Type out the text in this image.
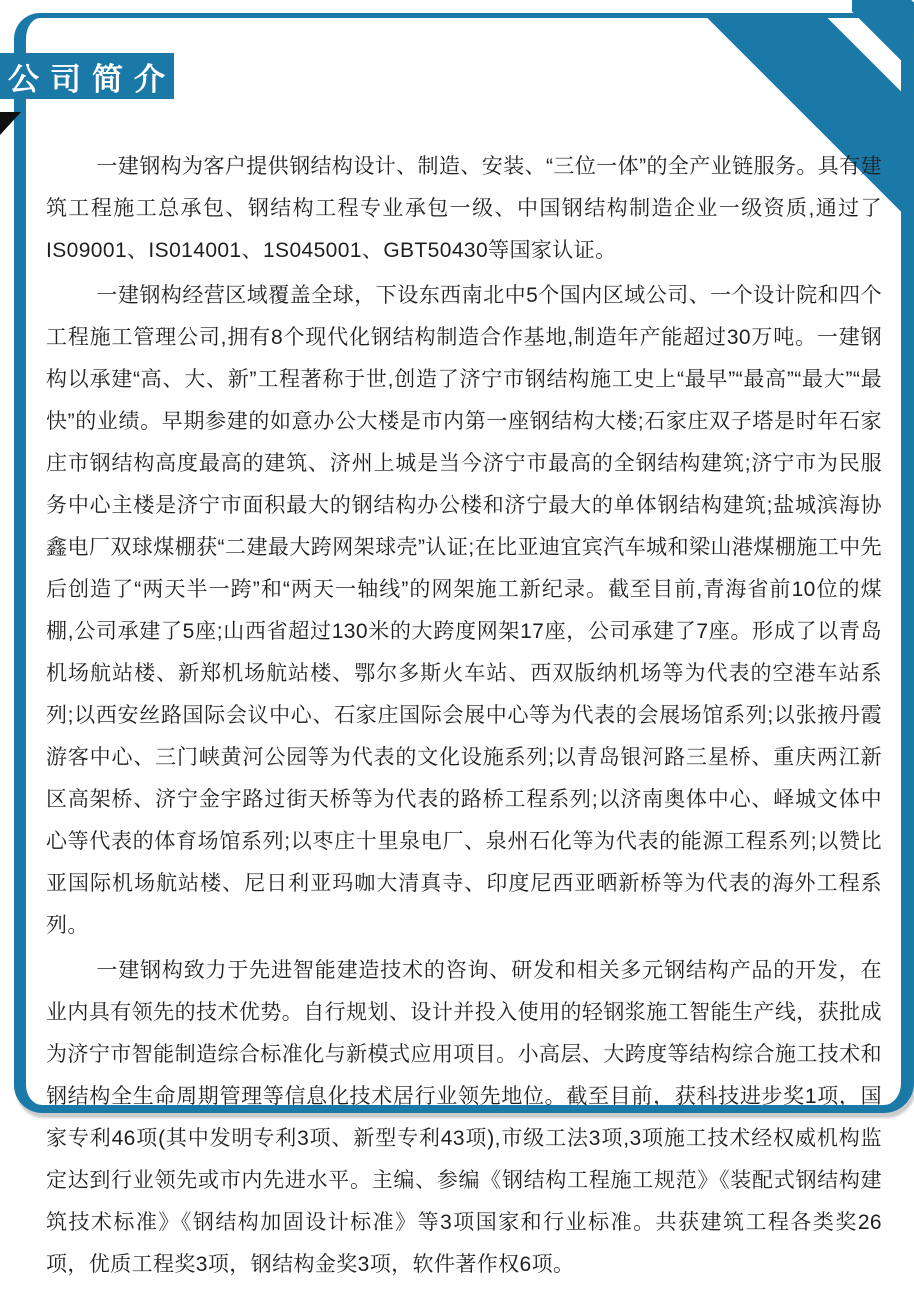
公司简介

一建钢构为客户提供钢结构设计、制造、安装、“三位一体”的全产业链服务。具有建筑工程施工总承包、钢结构工程专业承包一级、中国钢结构制造企业一级资质,通过了IS09001、IS014001、1S045001、GBT50430等国家认证。

一建钢构经营区域覆盖全球，下设东西南北中5个国内区域公司、一个设计院和四个工程施工管理公司,拥有8个现代化钢结构制造合作基地,制造年产能超过30万吨。一建钢构以承建“高、大、新”工程著称于世,创造了济宁市钢结构施工史上“最早”“最高”“最大”“最快”的业绩。早期参建的如意办公大楼是市内第一座钢结构大楼;石家庄双子塔是时年石家庄市钢结构高度最高的建筑、济州上城是当今济宁市最高的全钢结构建筑;济宁市为民服务中心主楼是济宁市面积最大的钢结构办公楼和济宁最大的单体钢结构建筑;盐城滨海协鑫电厂双球煤棚获“二建最大跨网架球壳”认证;在比亚迪宜宾汽车城和梁山港煤棚施工中先后创造了“两天半一跨”和“两天一轴线”的网架施工新纪录。截至目前,青海省前10位的煤棚,公司承建了5座;山西省超过130米的大跨度网架17座，公司承建了7座。形成了以青岛机场航站楼、新郑机场航站楼、鄂尔多斯火车站、西双版纳机场等为代表的空港车站系列;以西安丝路国际会议中心、石家庄国际会展中心等为代表的会展场馆系列;以张掖丹霞游客中心、三门峡黄河公园等为代表的文化设施系列;以青岛银河路三星桥、重庆两江新区高架桥、济宁金宇路过街天桥等为代表的路桥工程系列;以济南奥体中心、峄城文体中心等代表的体育场馆系列;以枣庄十里泉电厂、泉州石化等为代表的能源工程系列;以赞比亚国际机场航站楼、尼日利亚玛咖大清真寺、印度尼西亚晒新桥等为代表的海外工程系列。

一建钢构致力于先进智能建造技术的咨询、研发和相关多元钢结构产品的开发，在业内具有领先的技术优势。自行规划、设计并投入使用的轻钢浆施工智能生产线，获批成为济宁市智能制造综合标准化与新模式应用项目。小高层、大跨度等结构综合施工技术和钢结构全生命周期管理等信息化技术居行业领先地位。截至目前，获科技进步奖1项，国家专利46项(其中发明专利3项、新型专利43项),市级工法3项,3项施工技术经权威机构监定达到行业领先或市内先进水平。主编、参编《钢结构工程施工规范》《装配式钢结构建筑技术标准》《钢结构加固设计标准》等3项国家和行业标准。共获建筑工程各类奖26项，优质工程奖3项，钢结构金奖3项，软件著作权6项。
